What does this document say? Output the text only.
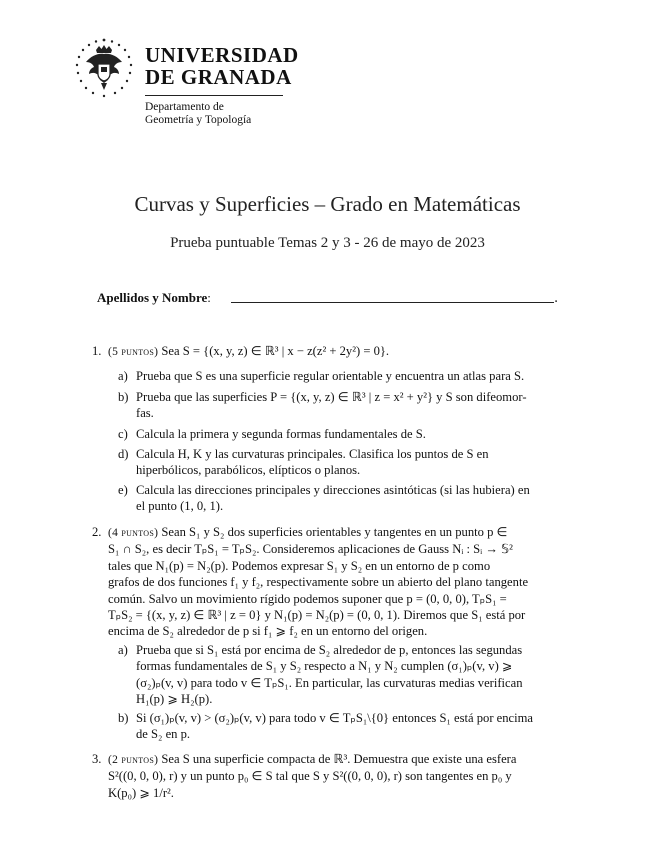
UNIVERSIDAD
DE GRANADA
Departamento de
Geometría y Topología
Curvas y Superficies – Grado en Matemáticas
Prueba puntuable Temas 2 y 3 - 26 de mayo de 2023
Apellidos y Nombre:	.
1. (5 puntos) Sea S = {(x, y, z) ∈ ℝ³ | x − z(z² + 2y²) = 0}.
a) Prueba que S es una superficie regular orientable y encuentra un atlas para S.
b) Prueba que las superficies P = {(x, y, z) ∈ ℝ³ | z = x² + y²} y S son difeomor-
fas.
c) Calcula la primera y segunda formas fundamentales de S.
d) Calcula H, K y las curvaturas principales. Clasifica los puntos de S en
hiperbólicos, parabólicos, elípticos o planos.
e) Calcula las direcciones principales y direcciones asintóticas (si las hubiera) en
el punto (1, 0, 1).
2. (4 puntos) Sean S₁ y S₂ dos superficies orientables y tangentes en un punto p ∈
S₁ ∩ S₂, es decir TₚS₁ = TₚS₂. Consideremos aplicaciones de Gauss Nᵢ : Sᵢ → 𝕊²
tales que N₁(p) = N₂(p). Podemos expresar S₁ y S₂ en un entorno de p como
grafos de dos funciones f₁ y f₂, respectivamente sobre un abierto del plano tangente
común. Salvo un movimiento rígido podemos suponer que p = (0, 0, 0), TₚS₁ =
TₚS₂ = {(x, y, z) ∈ ℝ³ | z = 0} y N₁(p) = N₂(p) = (0, 0, 1). Diremos que S₁ está por
encima de S₂ alrededor de p si f₁ ⩾ f₂ en un entorno del origen.
a) Prueba que si S₁ está por encima de S₂ alrededor de p, entonces las segundas
formas fundamentales de S₁ y S₂ respecto a N₁ y N₂ cumplen (σ₁)ₚ(v, v) ⩾
(σ₂)ₚ(v, v) para todo v ∈ TₚS₁. En particular, las curvaturas medias verifican
H₁(p) ⩾ H₂(p).
b) Si (σ₁)ₚ(v, v) > (σ₂)ₚ(v, v) para todo v ∈ TₚS₁\{0} entonces S₁ está por encima
de S₂ en p.
3. (2 puntos) Sea S una superficie compacta de ℝ³. Demuestra que existe una esfera
S²((0, 0, 0), r) y un punto p₀ ∈ S tal que S y S²((0, 0, 0), r) son tangentes en p₀ y
K(p₀) ⩾ 1/r².
